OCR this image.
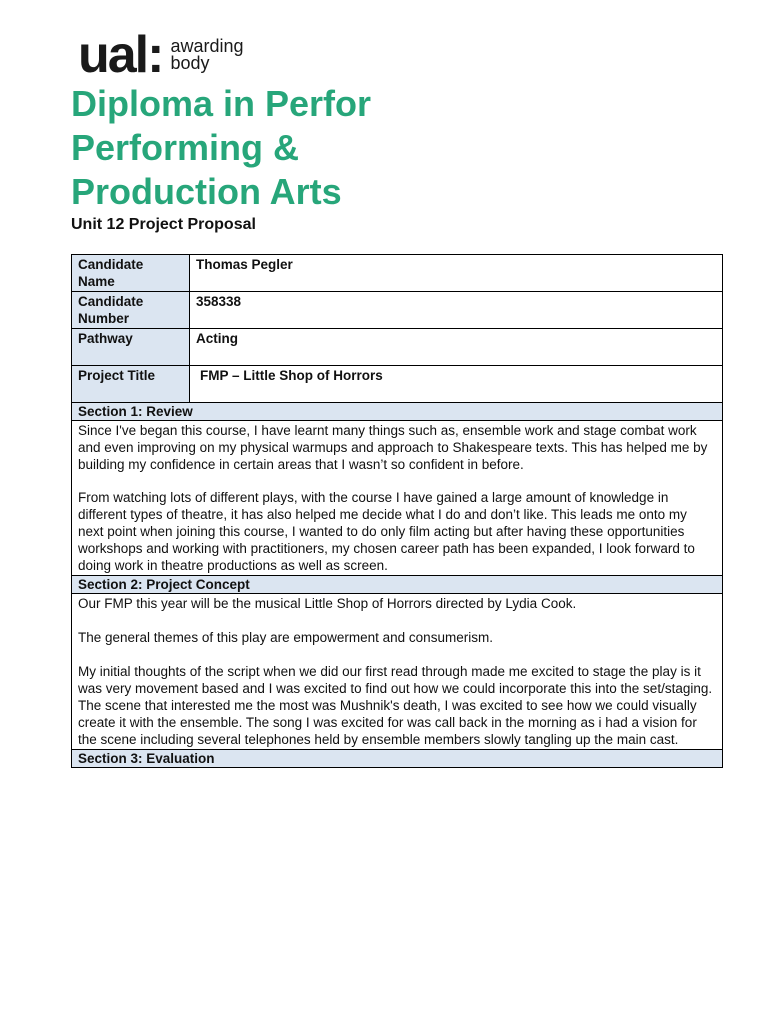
ual: awarding
body
Diploma in Perfor
Performing &
Production Arts
Unit 12 Project Proposal
Candidate Name	Thomas Pegler
Candidate Number	358338
Pathway	Acting
Project Title	FMP – Little Shop of Horrors
Section 1: Review	

Since I've began this course, I have learnt many things such as, ensemble work and stage combat work and even improving on my physical warmups and approach to Shakespeare texts. This has helped me by building my confidence in certain areas that I wasn’t so confident in before.

From watching lots of different plays, with the course I have gained a large amount of knowledge in different types of theatre, it has also helped me decide what I do and don’t like. This leads me onto my next point when joining this course, I wanted to do only film acting but after having these opportunities workshops and working with practitioners, my chosen career path has been expanded, I look forward to doing work in theatre productions as well as screen.	

Section 2: Project Concept	

Our FMP this year will be the musical Little Shop of Horrors directed by Lydia Cook.

The general themes of this play are empowerment and consumerism.

My initial thoughts of the script when we did our first read through made me excited to stage the play is it was very movement based and I was excited to find out how we could incorporate this into the set/staging. The scene that interested me the most was Mushnik's death, I was excited to see how we could visually create it with the ensemble. The song I was excited for was call back in the morning as i had a vision for the scene including several telephones held by ensemble members slowly tangling up the main cast.	

Section 3: Evaluation	
